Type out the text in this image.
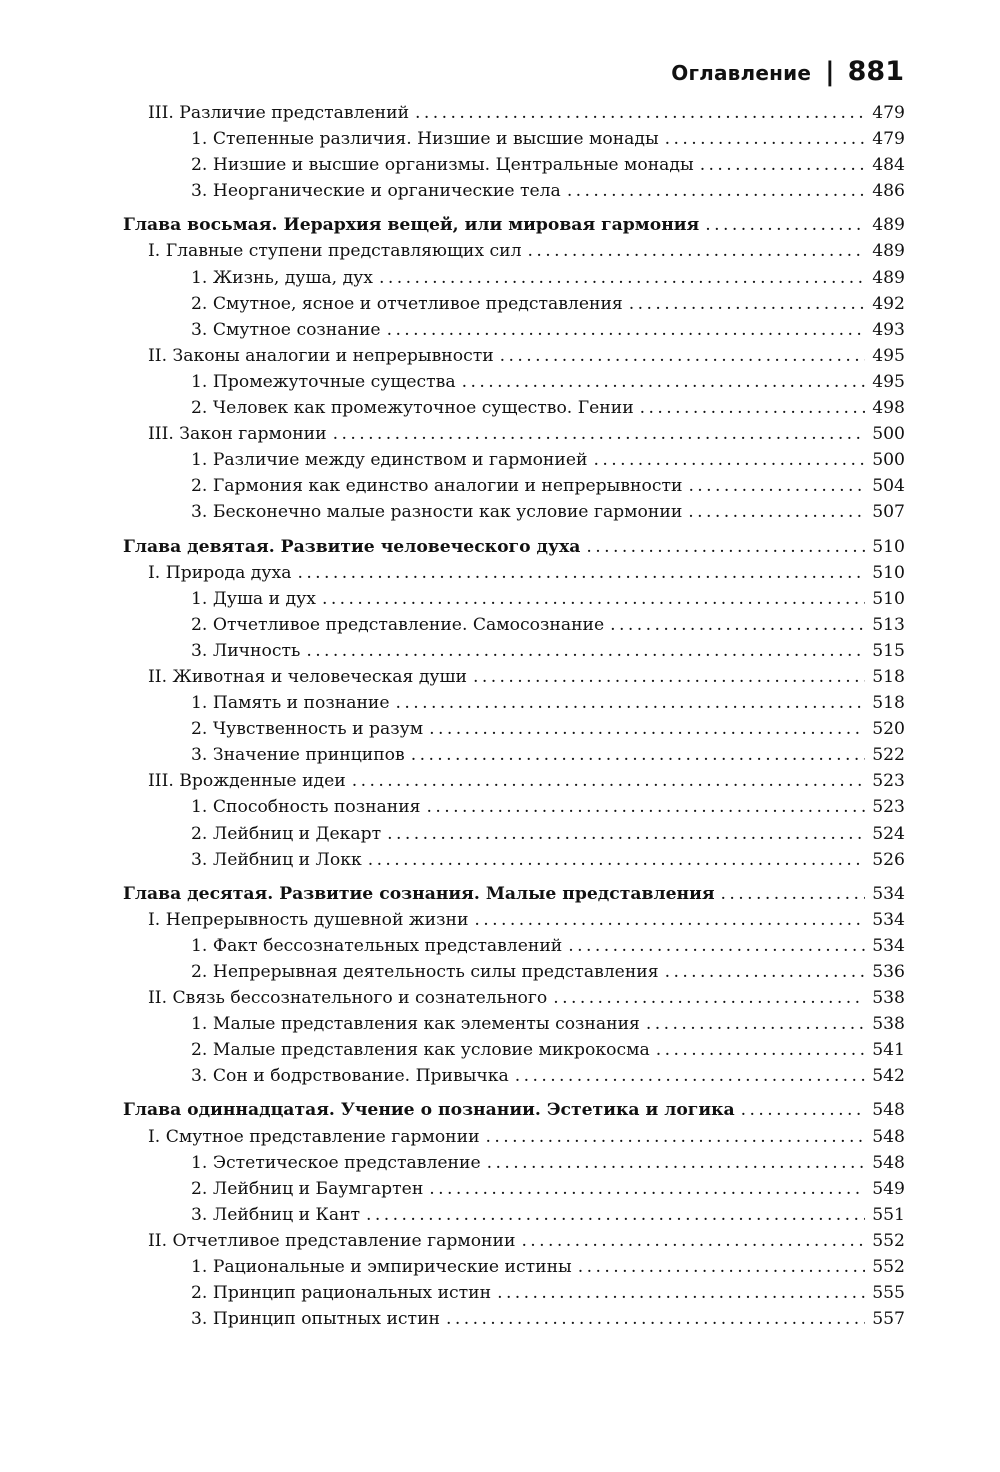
Оглавление | 881
III. Различие представлений .....	479
1. Степенные различия. Низшие и высшие монады .....	479
2. Низшие и высшие организмы. Центральные монады .....	484
3. Неорганические и органические тела .....	486
Глава восьмая. Иерархия вещей, или мировая гармония .....	489
I. Главные ступени представляющих сил .....	489
1. Жизнь, душа, дух .....	489
2. Смутное, ясное и отчетливое представления .....	492
3. Смутное сознание .....	493
II. Законы аналогии и непрерывности .....	495
1. Промежуточные существа .....	495
2. Человек как промежуточное существо. Гении .....	498
III. Закон гармонии .....	500
1. Различие между единством и гармонией .....	500
2. Гармония как единство аналогии и непрерывности .....	504
3. Бесконечно малые разности как условие гармонии .....	507
Глава девятая. Развитие человеческого духа .....	510
I. Природа духа .....	510
1. Душа и дух .....	510
2. Отчетливое представление. Самосознание .....	513
3. Личность .....	515
II. Животная и человеческая души .....	518
1. Память и познание .....	518
2. Чувственность и разум .....	520
3. Значение принципов .....	522
III. Врожденные идеи .....	523
1. Способность познания .....	523
2. Лейбниц и Декарт .....	524
3. Лейбниц и Локк .....	526
Глава десятая. Развитие сознания. Малые представления .....	534
I. Непрерывность душевной жизни .....	534
1. Факт бессознательных представлений .....	534
2. Непрерывная деятельность силы представления .....	536
II. Связь бессознательного и сознательного .....	538
1. Малые представления как элементы сознания .....	538
2. Малые представления как условие микрокосма .....	541
3. Сон и бодрствование. Привычка .....	542
Глава одиннадцатая. Учение о познании. Эстетика и логика .....	548
I. Смутное представление гармонии .....	548
1. Эстетическое представление .....	548
2. Лейбниц и Баумгартен .....	549
3. Лейбниц и Кант .....	551
II. Отчетливое представление гармонии .....	552
1. Рациональные и эмпирические истины .....	552
2. Принцип рациональных истин .....	555
3. Принцип опытных истин .....	557
